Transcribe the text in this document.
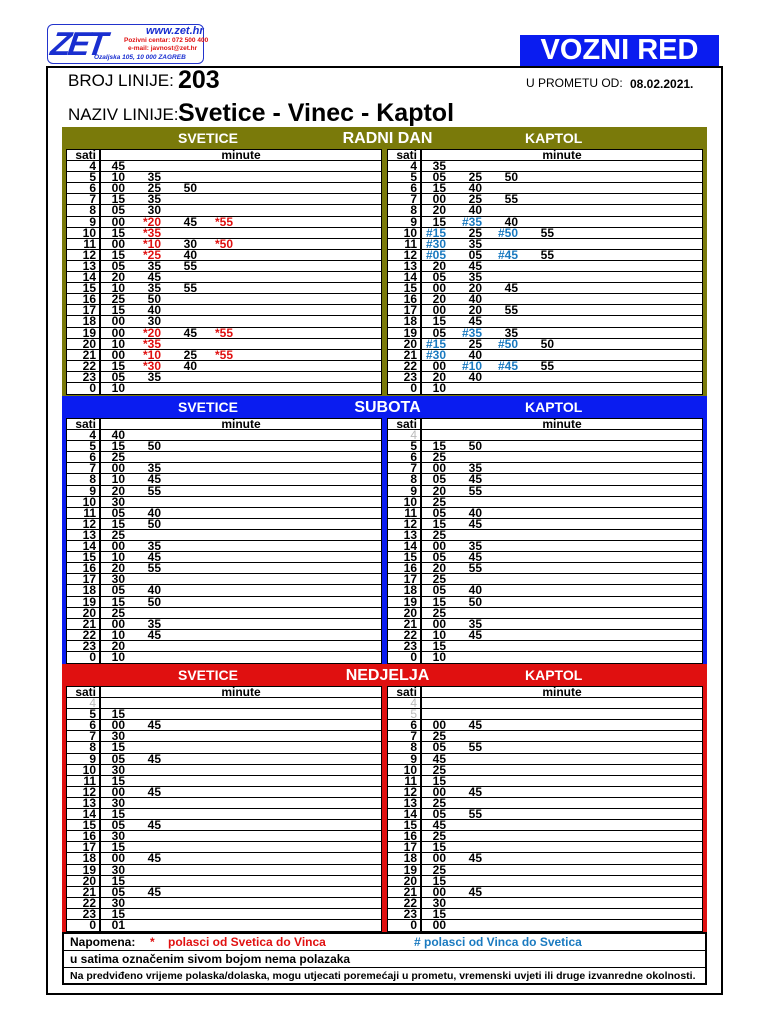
ZET	www.zet.hr
Pozivni centar: 072 500 400
e-mail: javnost@zet.hr
Ozaljska 105, 10 000 ZAGREB	VOZNI RED
BROJ LINIJE: 203	U PROMETU OD: 08.02.2021.
NAZIV LINIJE: Svetice - Vinec - Kaptol
RADNI DAN
SVETICE	KAPTOL
sati	minute
4	45
5	10	35
6	00	25	50
7	15	35
8	05	30
9	00	*20	45	*55
10	15	*35
11	00	*10	30	*50
12	15	*25	40
13	05	35	55
14	20	45
15	10	35	55
16	25	50
17	15	40
18	00	30
19	00	*20	45	*55
20	10	*35
21	00	*10	25	*55
22	15	*30	40
23	05	35
0	10
sati	minute
4	35
5	05	25	50
6	15	40
7	00	25	55
8	20	40
9	15	#35	40
10 #15	25	#50	55
11 #30	35
12 #05	05	#45	55
13	20	45
14	05	35
15	00	20	45
16	20	40
17	00	20	55
18	15	45
19	05	#35	35
20 #15	25	#50	50
21 #30	40
22	00	#10	#45	55
23	20	40
0	10
SUBOTA
SVETICE	KAPTOL
sati	minute
4	40
5	15	50
6	25
7	00	35
8	10	45
9	20	55
10	30
11	05	40
12	15	50
13	25
14	00	35
15	10	45
16	20	55
17	30
18	05	40
19	15	50
20	25
21	00	35
22	10	45
23	20
0	10
sati	minute
4
5	15	50
6	25
7	00	35
8	05	45
9	20	55
10	25
11	05	40
12	15	45
13	25
14	00	35
15	05	45
16	20	55
17	25
18	05	40
19	15	50
20	25
21	00	35
22	10	45
23	15
0	10
NEDJELJA
SVETICE	KAPTOL
sati	minute
4
5	15
6	00	45
7	30
8	15
9	05	45
10	30
11	15
12	00	45
13	30
14	15
15	05	45
16	30
17	15
18	00	45
19	30
20	15
21	05	45
22	30
23	15
0	01
sati	minute
4
5
6	00	45
7	25
8	05	55
9	45
10	25
11	15
12	00	45
13	25
14	05	55
15	45
16	25
17	15
18	00	45
19	25
20	15
21	00	45
22	30
23	15
0	00
Napomena: * polasci od Svetica do Vinca	# polasci od Vinca do Svetica
u satima označenim sivom bojom nema polazaka
Na predviđeno vrijeme polaska/dolaska, mogu utjecati poremećaji u prometu, vremenski uvjeti ili druge izvanredne okolnosti.
